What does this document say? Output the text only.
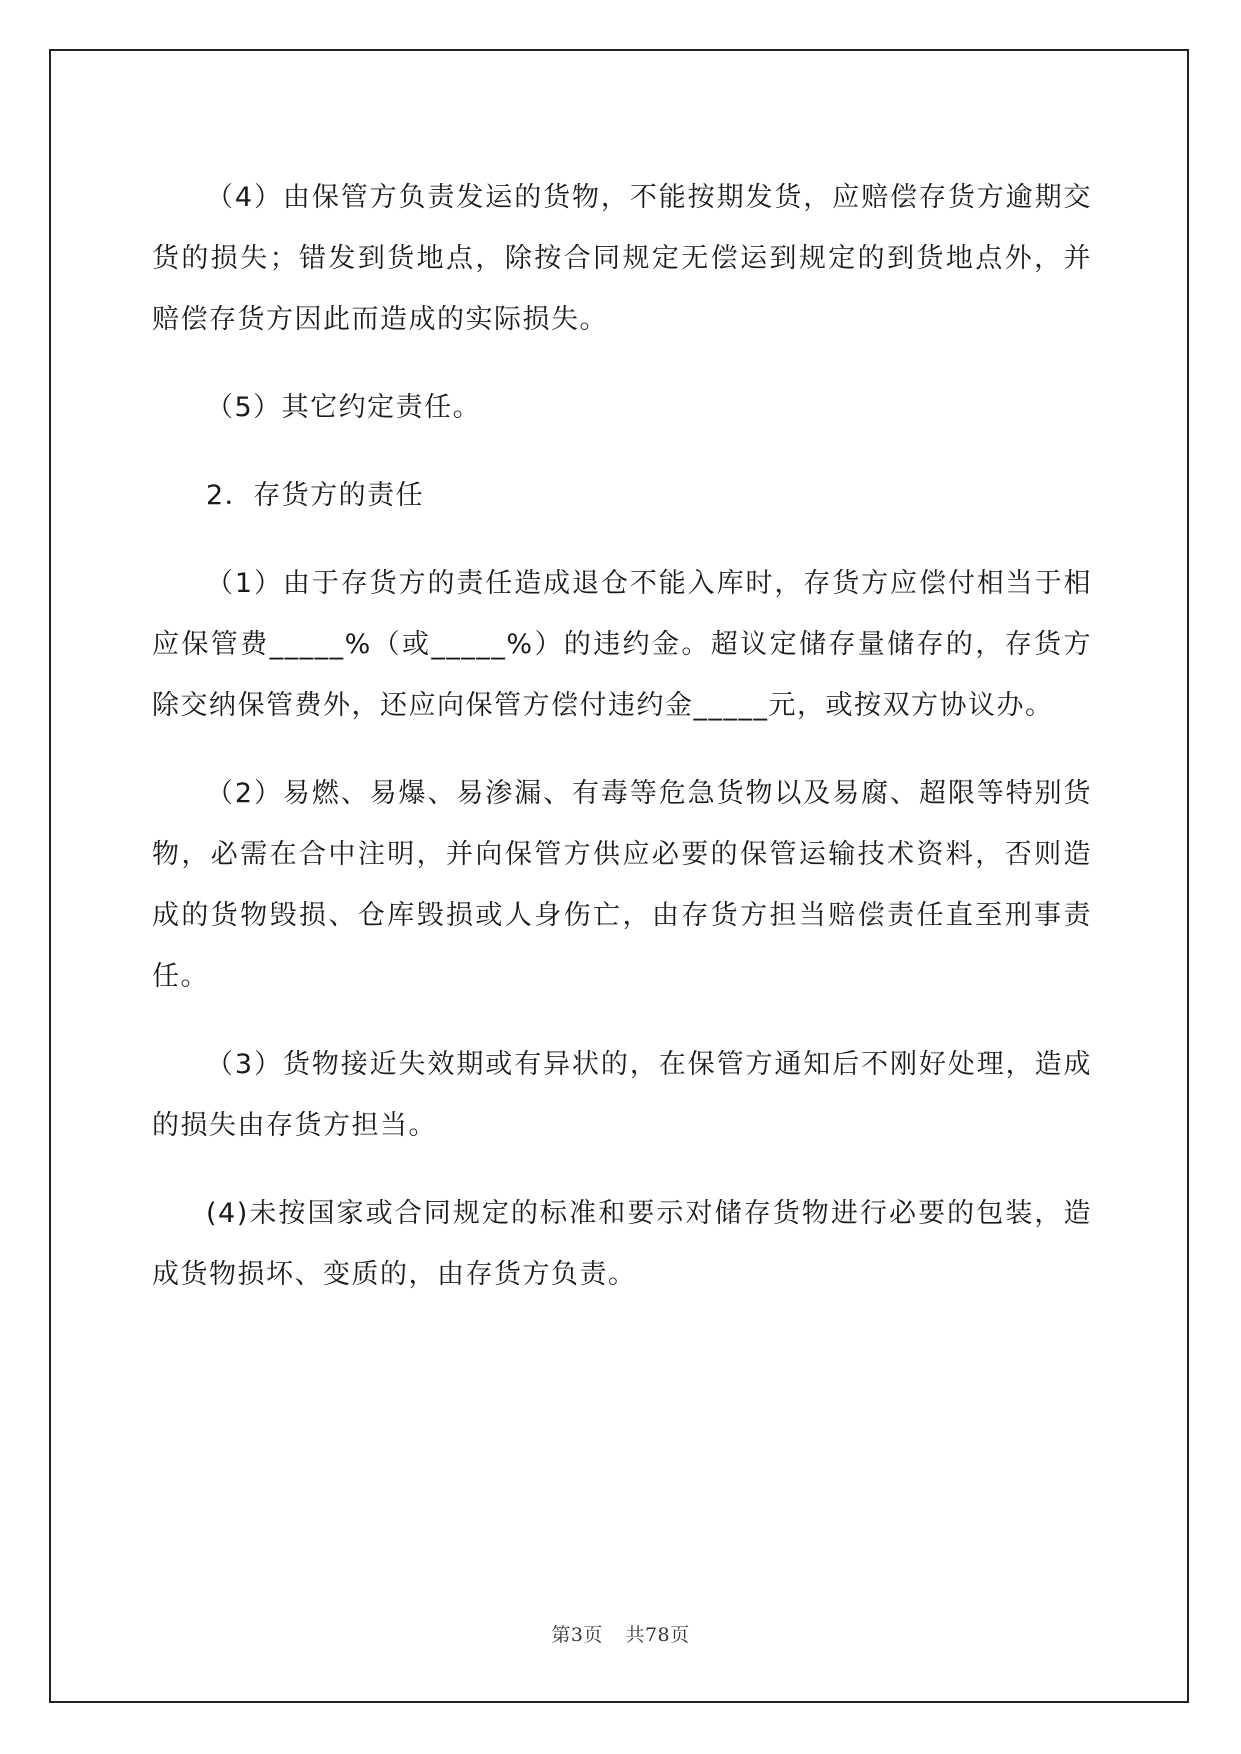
（4）由保管方负责发运的货物，不能按期发货，应赔偿存货方逾期交货的损失；错发到货地点，除按合同规定无偿运到规定的到货地点外，并赔偿存货方因此而造成的实际损失。

（5）其它约定责任。

2．存货方的责任

（1）由于存货方的责任造成退仓不能入库时，存货方应偿付相当于相应保管费_____%（或_____%）的违约金。超议定储存量储存的，存货方除交纳保管费外，还应向保管方偿付违约金_____元，或按双方协议办。

（2）易燃、易爆、易渗漏、有毒等危急货物以及易腐、超限等特别货物，必需在合中注明，并向保管方供应必要的保管运输技术资料，否则造成的货物毁损、仓库毁损或人身伤亡，由存货方担当赔偿责任直至刑事责任。

（3）货物接近失效期或有异状的，在保管方通知后不刚好处理，造成的损失由存货方担当。

(4)未按国家或合同规定的标准和要示对储存货物进行必要的包装，造成货物损坏、变质的，由存货方负责。

第3页 共78页
